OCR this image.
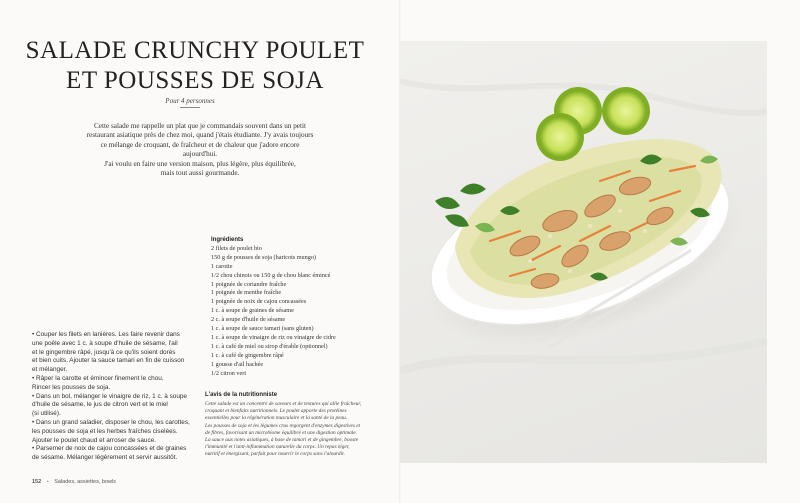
SALADE CRUNCHY POULET
ET POUSSES DE SOJA
Pour 4 personnes
Cette salade me rappelle un plat que je commandais souvent dans un petit
restaurant asiatique près de chez moi, quand j'étais étudiante. J'y avais toujours
ce mélange de croquant, de fraîcheur et de chaleur que j'adore encore aujourd'hui.
J'ai voulu en faire une version maison, plus légère, plus équilibrée,
mais tout aussi gourmande.
Ingrédients
2 filets de poulet bio
150 g de pousses de soja (haricots mungo)
1 carotte
1/2 chou chinois ou 150 g de chou blanc émincé
1 poignée de coriandre fraîche
1 poignée de menthe fraîche
1 poignée de noix de cajou concassées
1 c. à soupe de graines de sésame
2 c. à soupe d'huile de sésame
1 c. à soupe de sauce tamari (sans gluten)
1 c. à soupe de vinaigre de riz ou vinaigre de cidre
1 c. à café de miel ou sirop d'érable (optionnel)
1 c. à café de gingembre râpé
1 gousse d'ail hachée
1/2 citron vert
• Couper les filets en lanières. Les faire revenir dans
une poêle avec 1 c. à soupe d'huile de sésame, l'ail
et le gingembre râpé, jusqu'à ce qu'ils soient dorés
et bien cuits. Ajouter la sauce tamari en fin de cuisson
et mélanger.
• Râper la carotte et émincer finement le chou.
Rincer les pousses de soja.
• Dans un bol, mélanger le vinaigre de riz, 1 c. à soupe
d'huile de sésame, le jus de citron vert et le miel
(si utilisé).
• Dans un grand saladier, disposer le chou, les carottes,
les pousses de soja et les herbes fraîches ciselées.
Ajouter le poulet chaud et arroser de sauce.
• Parsemer de noix de cajou concassées et de graines
de sésame. Mélanger légèrement et servir aussitôt.
L'avis de la nutritionniste
Cette salade est un concentré de saveurs et de textures qui allie fraîcheur,
croquant et bienfaits nutritionnels. Le poulet apporte des protéines
essentielles pour la régénération musculaire et la santé de la peau.
Les pousses de soja et les légumes crus regorgent d'enzymes digestives et
de fibres, favorisant un microbiome équilibré et une digestion optimale.
La sauce aux notes asiatiques, à base de tamari et de gingembre, booste
l'immunité et l'anti-inflammation naturelle du corps. Un repas léger,
nutritif et énergisant, parfait pour nourrir le corps sans l'alourdir.
152 • Salades, assiettes, bowls
